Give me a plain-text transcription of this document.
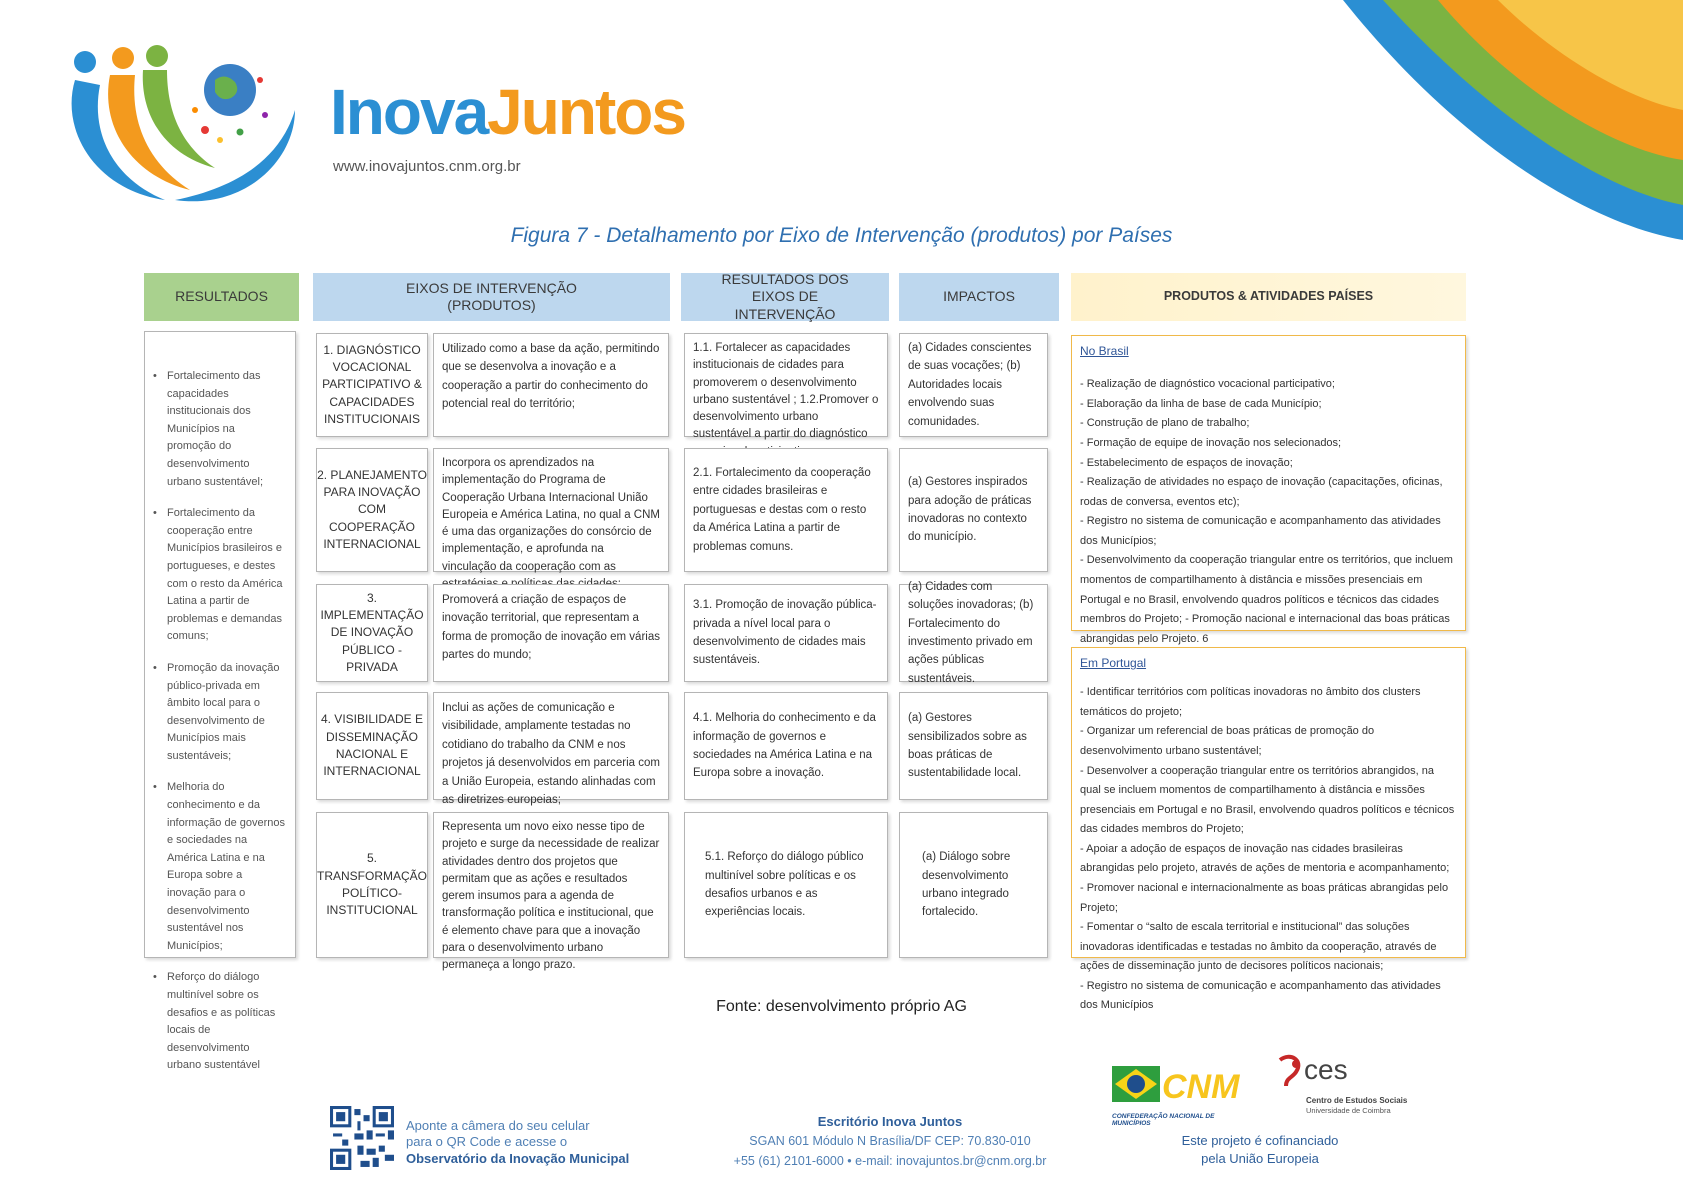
InovaJuntos
www.inovajuntos.cnm.org.br
Figura 7 - Detalhamento por Eixo de Intervenção (produtos) por Países
RESULTADOS
EIXOS DE INTERVENÇÃO (PRODUTOS)
RESULTADOS DOS EIXOS DE INTERVENÇÃO
IMPACTOS	PRODUTOS & ATIVIDADES PAÍSES
• Fortalecimento das capacidades institucionais dos Municípios na promoção do desenvolvimento urbano sustentável;
• Fortalecimento da cooperação entre Municípios brasileiros e portugueses, e destes com o resto da América Latina a partir de problemas e demandas comuns;
• Promoção da inovação público-privada em âmbito local para o desenvolvimento de Municípios mais sustentáveis;
• Melhoria do conhecimento e da informação de governos e sociedades na América Latina e na Europa sobre a inovação para o desenvolvimento sustentável nos Municípios;
• Reforço do diálogo multinível sobre os desafios e as políticas locais de desenvolvimento urbano sustentável
1. DIAGNÓSTICO VOCACIONAL PARTICIPATIVO & CAPACIDADES INSTITUCIONAIS
Utilizado como a base da ação, permitindo que se desenvolva a inovação e a cooperação a partir do conhecimento do potencial real do território;
1.1. Fortalecer as capacidades institucionais de cidades para promoverem o desenvolvimento urbano sustentável ; 1.2.Promover o desenvolvimento urbano sustentável a partir do diagnóstico
(a) Cidades conscientes de suas vocações; (b) Autoridades locais envolvendo suas comunidades.
2. PLANEJAMENTO PARA INOVAÇÃO COM COOPERAÇÃO INTERNACIONAL
Incorpora os aprendizados na implementação do Programa de Cooperação Urbana Internacional União Europeia e América Latina, no qual a CNM é uma das organizações do consórcio de implementação, e aprofunda na vinculação da cooperação com as
2.1. Fortalecimento da cooperação entre cidades brasileiras e portuguesas e destas com o resto da América Latina a partir de problemas comuns.
(a) Gestores inspirados para adoção de práticas inovadoras no contexto do município.
3. IMPLEMENTAÇÃO DE INOVAÇÃO PÚBLICO -PRIVADA
Promoverá a criação de espaços de inovação territorial, que representam a forma de promoção de inovação em várias partes do mundo;
3.1. Promoção de inovação pública-privada a nível local para o desenvolvimento de cidades mais sustentáveis.
(a) Cidades com soluções inovadoras; (b) Fortalecimento do investimento privado em ações públicas sustentáveis.
4. VISIBILIDADE E DISSEMINAÇÃO NACIONAL E INTERNACIONAL
Inclui as ações de comunicação e visibilidade, amplamente testadas no cotidiano do trabalho da CNM e nos projetos já desenvolvidos em parceria com a União Europeia, estando alinhadas com as diretrizes europeias;
4.1. Melhoria do conhecimento e da informação de governos e sociedades na América Latina e na Europa sobre a inovação.
(a) Gestores sensibilizados sobre as boas práticas de sustentabilidade local.
5. TRANSFORMAÇÃO POLÍTICO-INSTITUCIONAL
Representa um novo eixo nesse tipo de projeto e surge da necessidade de realizar atividades dentro dos projetos que permitam que as ações e resultados gerem insumos para a agenda de transformação política e institucional, que é elemento chave para que a inovação para o desenvolvimento urbano permaneça a longo prazo.
5.1. Reforço do diálogo público multinível sobre políticas e os desafios urbanos e as experiências locais.
(a) Diálogo sobre desenvolvimento urbano integrado fortalecido.
No Brasil
- Realização de diagnóstico vocacional participativo;
- Elaboração da linha de base de cada Município;
- Construção de plano de trabalho;
- Formação de equipe de inovação nos selecionados;
- Estabelecimento de espaços de inovação;
- Realização de atividades no espaço de inovação (capacitações, oficinas, rodas de conversa, eventos etc);
- Registro no sistema de comunicação e acompanhamento das atividades dos Municípios;
- Desenvolvimento da cooperação triangular entre os territórios, que incluem momentos de compartilhamento à distância e missões presenciais em Portugal e no Brasil, envolvendo quadros políticos e técnicos das cidades membros do Projeto; - Promoção nacional e internacional das boas práticas abrangidas pelo Projeto. 6
Em Portugal
- Identificar territórios com políticas inovadoras no âmbito dos clusters temáticos do projeto;
- Organizar um referencial de boas práticas de promoção do desenvolvimento urbano sustentável;
- Desenvolver a cooperação triangular entre os territórios abrangidos, na qual se incluem momentos de compartilhamento à distância e missões presenciais em Portugal e no Brasil, envolvendo quadros políticos e técnicos das cidades membros do Projeto;
- Apoiar a adoção de espaços de inovação nas cidades brasileiras abrangidas pelo projeto, através de ações de mentoria e acompanhamento;
- Promover nacional e internacionalmente as boas práticas abrangidas pelo Projeto;
- Fomentar o “salto de escala territorial e institucional” das soluções inovadoras identificadas e testadas no âmbito da cooperação, através de ações de disseminação junto de decisores políticos nacionais;
- Registro no sistema de comunicação e acompanhamento das atividades dos Municípios
Fonte: desenvolvimento próprio AG
Aponte a câmera do seu celular
para o QR Code e acesse o
Observatório da Inovação Municipal
Escritório Inova Juntos
SGAN 601 Módulo N Brasília/DF CEP: 70.830-010
+55 (61) 2101-6000 • e-mail: inovajuntos.br@cnm.org.br
CNM
CONFEDERAÇÃO NACIONAL DE MUNICÍPIOS
ces
Centro de Estudos Sociais
Universidade de Coimbra
Este projeto é cofinanciado
pela União Europeia
